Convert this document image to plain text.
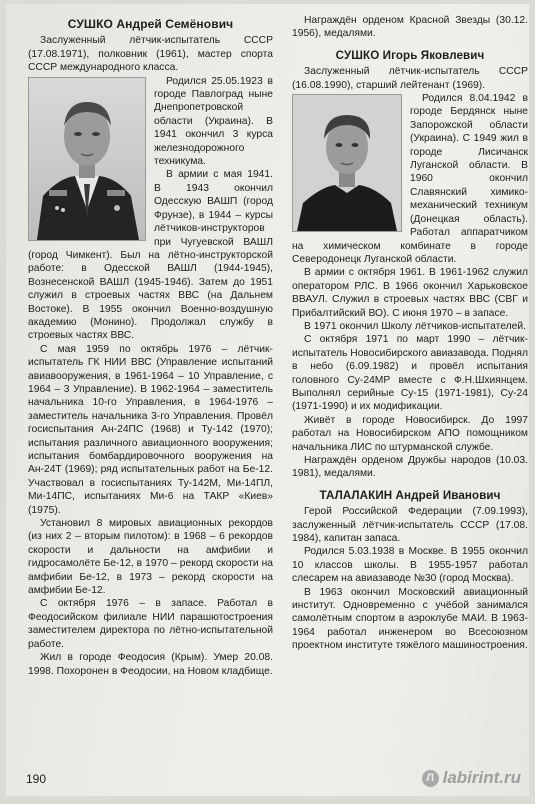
СУШКО Андрей Семёнович

Заслуженный лётчик-испытатель СССР (17.08.1971), полковник (1961), мастер спорта СССР международного класса.

Родился 25.05.1923 в городе Павлоград ныне Днепропетровской области (Украина). В 1941 окончил 3 курса железнодорожного техникума.

В армии с мая 1941. В 1943 окончил Одесскую ВАШП (город Фрунзе), в 1944 – курсы лётчиков-инструкторов при Чугуевской ВАШЛ (город Чимкент). Был на лётно-инструкторской работе: в Одесской ВАШЛ (1944-1945), Вознесенской ВАШЛ (1945-1946). Затем до 1951 служил в строевых частях ВВС (на Дальнем Востоке). В 1955 окончил Военно-воздушную академию (Монино). Продолжал службу в строевых частях ВВС.

С мая 1959 по октябрь 1976 – лётчик-испытатель ГК НИИ ВВС (Управление испытаний авиавооружения, в 1961-1964 – 10 Управление, с 1964 – 3 Управление). В 1962-1964 – заместитель начальника 10-го Управления, в 1964-1976 – заместитель начальника 3-го Управления. Провёл госиспытания Ан-24ПС (1968) и Ту-142 (1970); испытания различного авиационного вооружения; испытания бомбардировочного вооружения на Ан-24Т (1969); ряд испытательных работ на Бе-12. Участвовал в госиспытаниях Ту-142М, Ми-14ПЛ, Ми-14ПС, испытаниях Ми-6 на ТАКР «Киев» (1975).

Установил 8 мировых авиационных рекордов (из них 2 – вторым пилотом): в 1968 – 6 рекордов скорости и дальности на амфибии и гидросамолёте Бе-12, в 1970 – рекорд скорости на амфибии Бе-12, в 1973 – рекорд скорости на амфибии Бе-12.

С октября 1976 – в запасе. Работал в Феодосийском филиале НИИ парашютостроения заместителем директора по лётно-испытательной работе.

Жил в городе Феодосия (Крым). Умер 20.08. 1998. Похоронен в Феодосии, на Новом кладбище.

Награждён орденом Красной Звезды (30.12. 1956), медалями.

СУШКО Игорь Яковлевич

Заслуженный лётчик-испытатель СССР (16.08.1990), старший лейтенант (1969).

Родился 8.04.1942 в городе Бердянск ныне Запорожской области (Украина). С 1949 жил в городе Лисичанск Луганской области. В 1960 окончил Славянский химико-механический техникум (Донецкая область). Работал аппаратчиком на химическом комбинате в городе Северодонецк Луганской области.

В армии с октября 1961. В 1961-1962 служил оператором РЛС. В 1966 окончил Харьковское ВВАУЛ. Служил в строевых частях ВВС (СВГ и Прибалтийский ВО). С июня 1970 – в запасе.

В 1971 окончил Школу лётчиков-испытателей.

С октября 1971 по март 1990 – лётчик-испытатель Новосибирского авиазавода. Поднял в небо (6.09.1982) и провёл испытания головного Су-24МР вместе с Ф.Н.Шхиянцем. Выполнял серийные Су-15 (1971-1981), Су-24 (1971-1990) и их модификации.

Живёт в городе Новосибирск. До 1997 работал на Новосибирском АПО помощником начальника ЛИС по штурманской службе.

Награждён орденом Дружбы народов (10.03. 1981), медалями.

ТАЛАЛАКИН Андрей Иванович

Герой Российской Федерации (7.09.1993), заслуженный лётчик-испытатель СССР (17.08. 1984), капитан запаса.

Родился 5.03.1938 в Москве. В 1955 окончил 10 классов школы. В 1955-1957 работал слесарем на авиазаводе №30 (город Москва).

В 1963 окончил Московский авиационный институт. Одновременно с учёбой занимался самолётным спортом в аэроклубе МАИ. В 1963-1964 работал инженером во Всесоюзном проектном институте тяжёлого машиностроения.

190	Л labirint.ru
